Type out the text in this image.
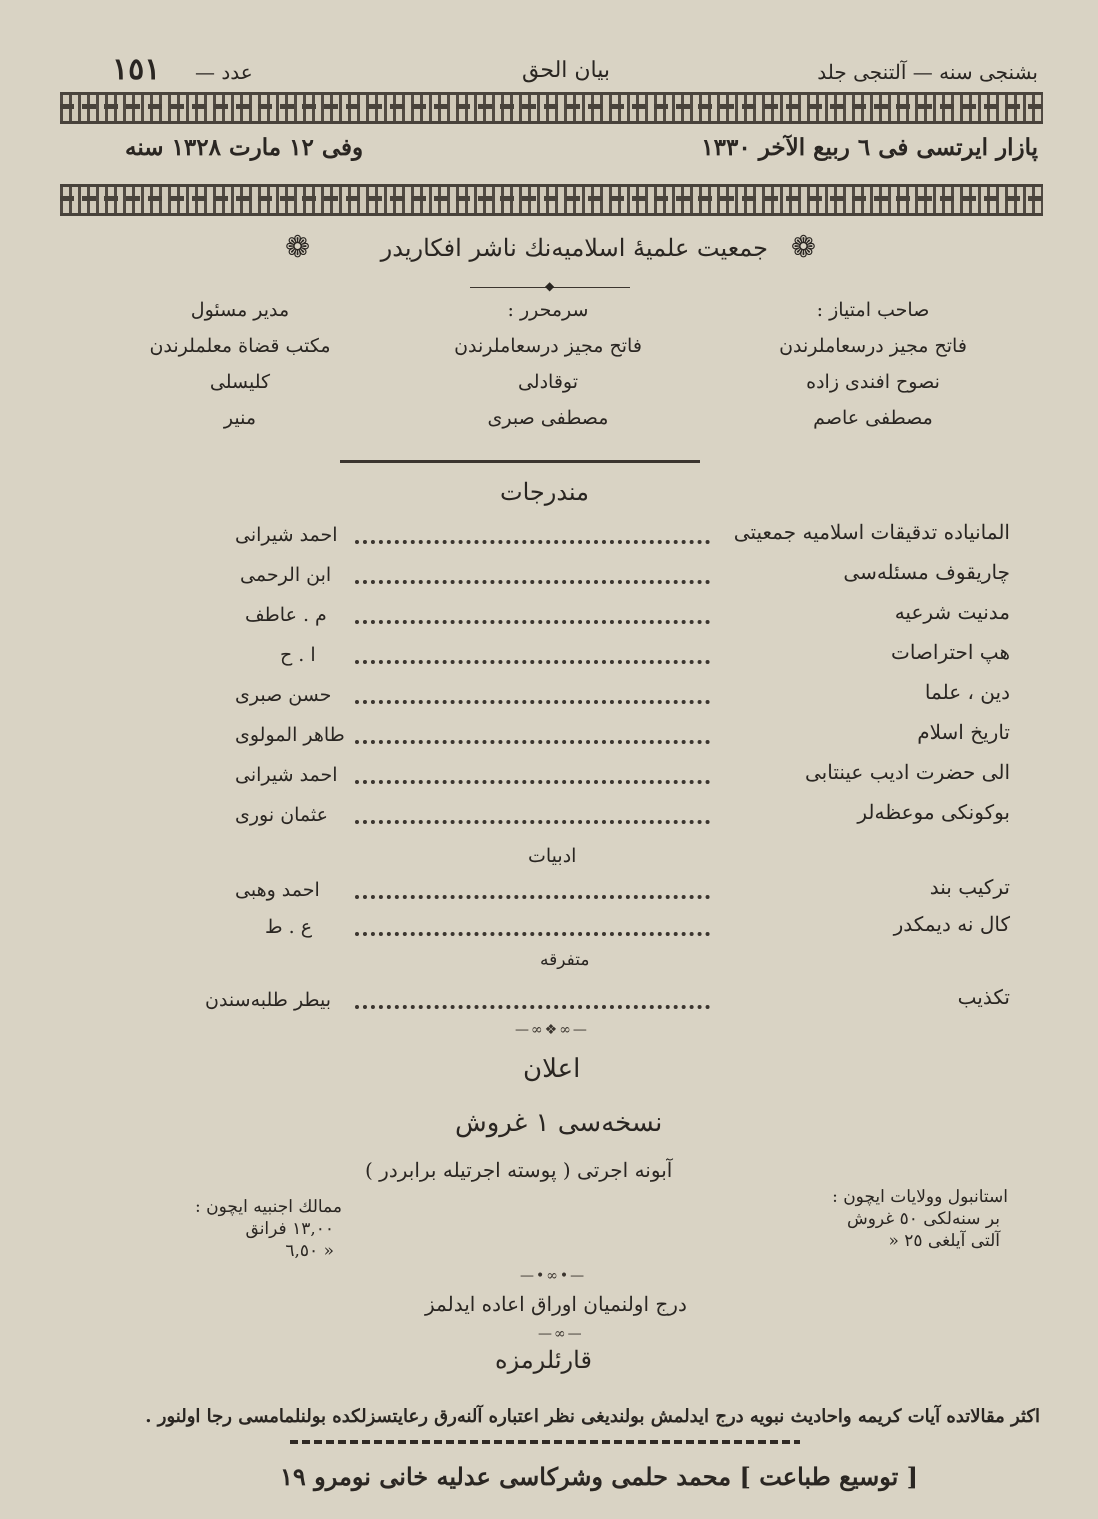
بشنجی سنه — آلتنجی جلد
بیان الحق
عدد —
١٥١
پازار ایرتسی فی ٦ ربیع الآخر ١٣٣٠
وفی ١٢ مارت ١٣٢٨ سنه
❁
جمعیت علمیهٔ اسلامیه‌نك ناشر افكاریدر
❁
◆
صاحب امتیاز :
فاتح مجیز درسعاملرندن
نصوح افندی زاده
مصطفی عاصم
سرمحرر :
فاتح مجیز درسعاملرندن
توقادلی
مصطفی صبری
مدیر مسئول
مكتب قضاة معلملرندن
كلیسلی
منیر
مندرجات
المانیاده تدقیقات اسلامیه جمعیتی
احمد شیرانی
چاریقوف مسئله‌سی
ابن الرحمی
مدنیت شرعیه
م . عاطف
هپ احتراصات
ا . ح
دین ، علما
حسن صبری
تاریخ اسلام
طاهر المولوی
الی حضرت ادیب عینتابی
احمد شیرانی
بوكونكی موعظه‌لر
عثمان نوری
ادبیات
تركیب بند
احمد وهبی
كال نه دیمكدر
ع . ط
متفرقه
تكذیب
بیطر طلبه‌سندن
—∞❖∞—
اعلان
نسخه‌سی ١ غروش
آبونه اجرتی ( پوسته اجرتیله برابردر )
استانبول وولایات ایچون :
بر سنه‌لكی ٥٠ غروش
آلتی آیلغی ٢٥ «
ممالك اجنبیه ایچون :
١٣,٠٠ فرانق
« ٦,٥٠
—•∞•—
درج اولنمیان اوراق اعاده ایدلمز
—∞—
قارئلرمزه
اكثر مقالاتده آیات كریمه واحادیث نبویه درج ایدلمش بولندیغی نظر اعتباره آلنه‌رق رعایتسزلكده بولنلمامسی رجا اولنور .
[ توسیع طباعت ] محمد حلمی وشركاسی عدلیه خانی نومرو ١٩
